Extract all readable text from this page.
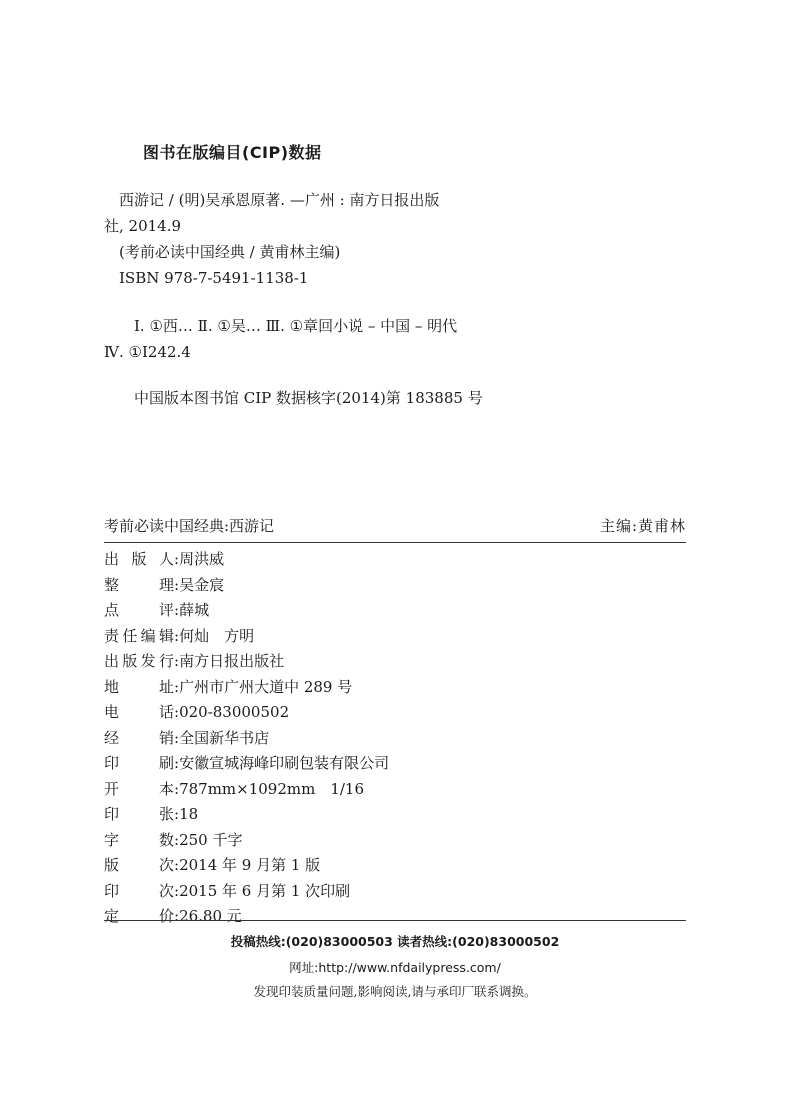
图书在版编目(CIP)数据
西游记 / (明)吴承恩原著. —广州 : 南方日报出版
社, 2014.9
(考前必读中国经典 / 黄甫林主编)
ISBN 978-7-5491-1138-1
Ⅰ. ①西… Ⅱ. ①吴… Ⅲ. ①章回小说 – 中国 – 明代
Ⅳ. ①I242.4
中国版本图书馆 CIP 数据核字(2014)第 183885 号
考前必读中国经典:西游记	主编:黄甫林
出版人 : 周洪威
整理 : 吴金宸
点评 : 薛城
责任编辑 : 何灿　方明
出版发行 : 南方日报出版社
地址 : 广州市广州大道中 289 号
电话 : 020-83000502
经销 : 全国新华书店
印刷 : 安徽宣城海峰印刷包装有限公司
开本 : 787mm×1092mm　1/16
印张 : 18
字数 : 250 千字
版次 : 2014 年 9 月第 1 版
印次 : 2015 年 6 月第 1 次印刷
定价 : 26.80 元
投稿热线:(020)83000503 读者热线:(020)83000502
网址:http://www.nfdailypress.com/
发现印装质量问题,影响阅读,请与承印厂联系调换。
